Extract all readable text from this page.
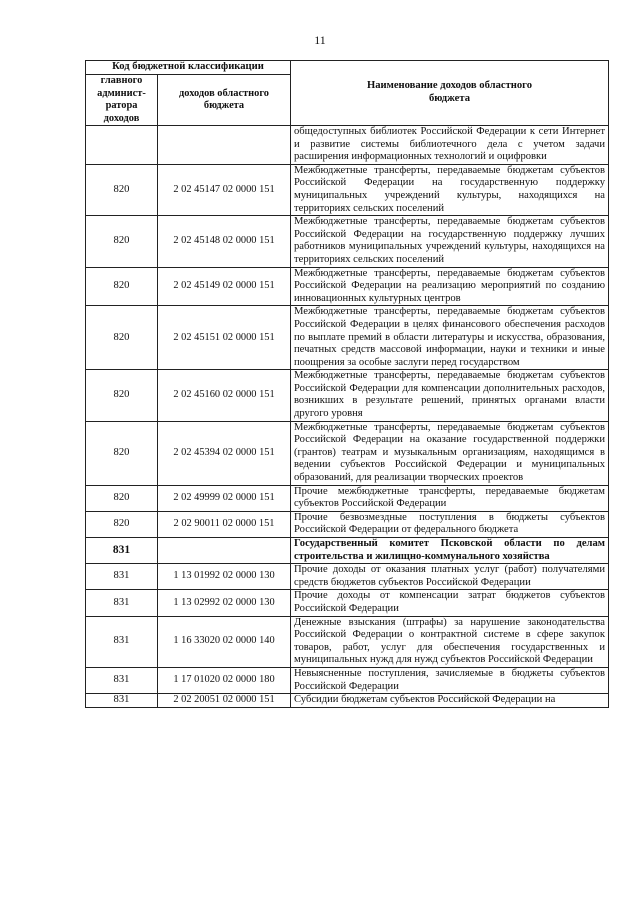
11
Код бюджетной классификации		Наименование доходов областного бюджета
главного админист-ратора доходов	доходов областного бюджета	
		общедоступных библиотек Российской Федерации к сети Интернет и развитие системы библиотечного дела с учетом задачи расширения информационных технологий и оцифровки
820	2 02 45147 02 0000 151	Межбюджетные трансферты, передаваемые бюджетам субъектов Российской Федерации на государственную поддержку муниципальных учреждений культуры, находящихся на территориях сельских поселений
820	2 02 45148 02 0000 151	Межбюджетные трансферты, передаваемые бюджетам субъектов Российской Федерации на государственную поддержку лучших работников муниципальных учреждений культуры, находящихся на территориях сельских поселений
820	2 02 45149 02 0000 151	Межбюджетные трансферты, передаваемые бюджетам субъектов Российской Федерации на реализацию мероприятий по созданию инновационных культурных центров
820	2 02 45151 02 0000 151	Межбюджетные трансферты, передаваемые бюджетам субъектов Российской Федерации в целях финансового обеспечения расходов по выплате премий в области литературы и искусства, образования, печатных средств массовой информации, науки и техники и иные поощрения за особые заслуги перед государством
820	2 02 45160 02 0000 151	Межбюджетные трансферты, передаваемые бюджетам субъектов Российской Федерации для компенсации дополнительных расходов, возникших в результате решений, принятых органами власти другого уровня
820	2 02 45394 02 0000 151	Межбюджетные трансферты, передаваемые бюджетам субъектов Российской Федерации на оказание государственной поддержки (грантов) театрам и музыкальным организациям, находящимся в ведении субъектов Российской Федерации и муниципальных образований, для реализации творческих проектов
820	2 02 49999 02 0000 151	Прочие межбюджетные трансферты, передаваемые бюджетам субъектов Российской Федерации
820	2 02 90011 02 0000 151	Прочие безвозмездные поступления в бюджеты субъектов Российской Федерации от федерального бюджета
831		Государственный комитет Псковской области по делам строительства и жилищно-коммунального хозяйства
831	1 13 01992 02 0000 130	Прочие доходы от оказания платных услуг (работ) получателями средств бюджетов субъектов Российской Федерации
831	1 13 02992 02 0000 130	Прочие доходы от компенсации затрат бюджетов субъектов Российской Федерации
831	1 16 33020 02 0000 140	Денежные взыскания (штрафы) за нарушение законодательства Российской Федерации о контрактной системе в сфере закупок товаров, работ, услуг для обеспечения государственных и муниципальных нужд для нужд субъектов Российской Федерации
831	1 17 01020 02 0000 180	Невыясненные поступления, зачисляемые в бюджеты субъектов Российской Федерации
831	2 02 20051 02 0000 151	Субсидии бюджетам субъектов Российской Федерации на
